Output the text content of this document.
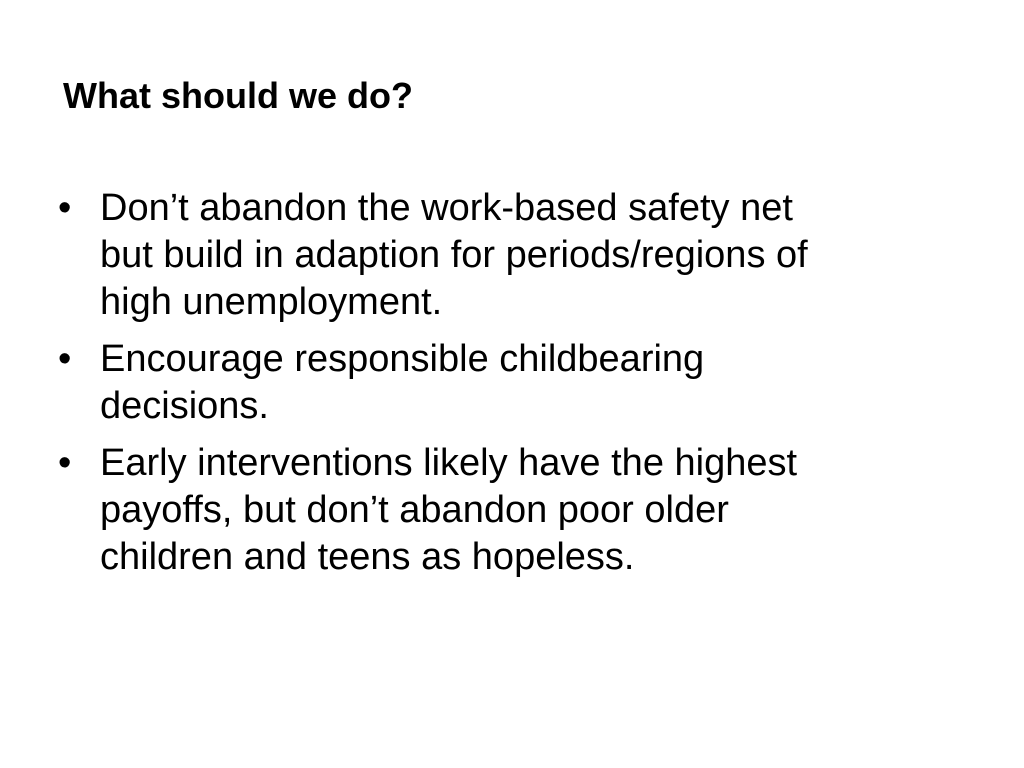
What should we do?
• Don’t abandon the work-based safety net
but build in adaption for periods/regions of
high unemployment.
• Encourage responsible childbearing
decisions.
• Early interventions likely have the highest
payoffs, but don’t abandon poor older
children and teens as hopeless.
